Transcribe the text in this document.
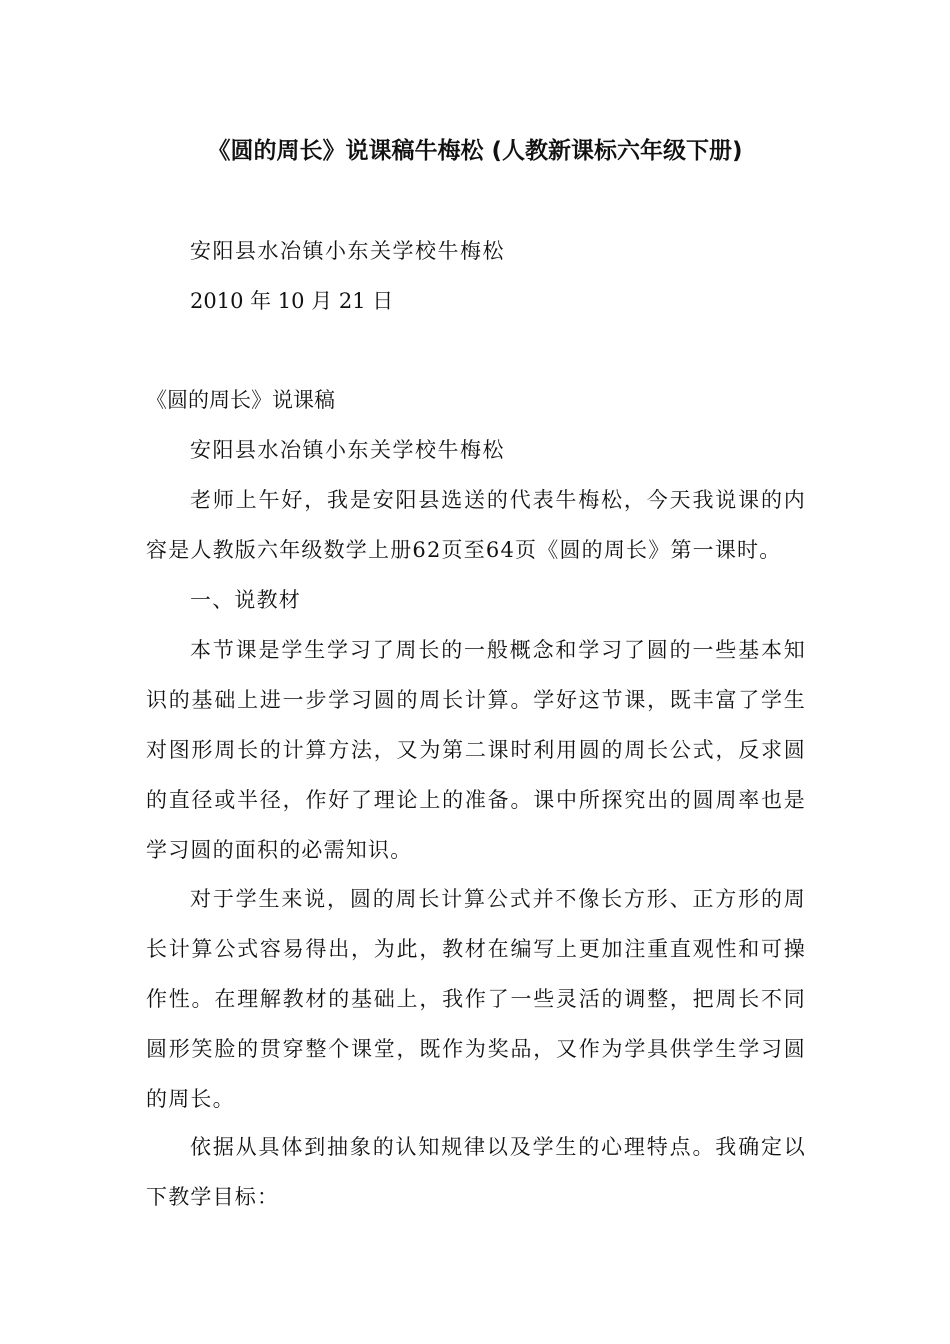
《圆的周长》说课稿牛梅松 (人教新课标六年级下册)

安阳县水冶镇小东关学校牛梅松

2010 年 10 月 21 日

《圆的周长》说课稿

安阳县水冶镇小东关学校牛梅松

老师上午好，我是安阳县选送的代表牛梅松，今天我说课的内容是人教版六年级数学上册62页至64页《圆的周长》第一课时。

一、说教材

本节课是学生学习了周长的一般概念和学习了圆的一些基本知识的基础上进一步学习圆的周长计算。学好这节课，既丰富了学生对图形周长的计算方法，又为第二课时利用圆的周长公式，反求圆的直径或半径，作好了理论上的准备。课中所探究出的圆周率也是学习圆的面积的必需知识。

对于学生来说，圆的周长计算公式并不像长方形、正方形的周长计算公式容易得出，为此，教材在编写上更加注重直观性和可操作性。在理解教材的基础上，我作了一些灵活的调整，把周长不同圆形笑脸的贯穿整个课堂，既作为奖品，又作为学具供学生学习圆的周长。

依据从具体到抽象的认知规律以及学生的心理特点。我确定以下教学目标：
